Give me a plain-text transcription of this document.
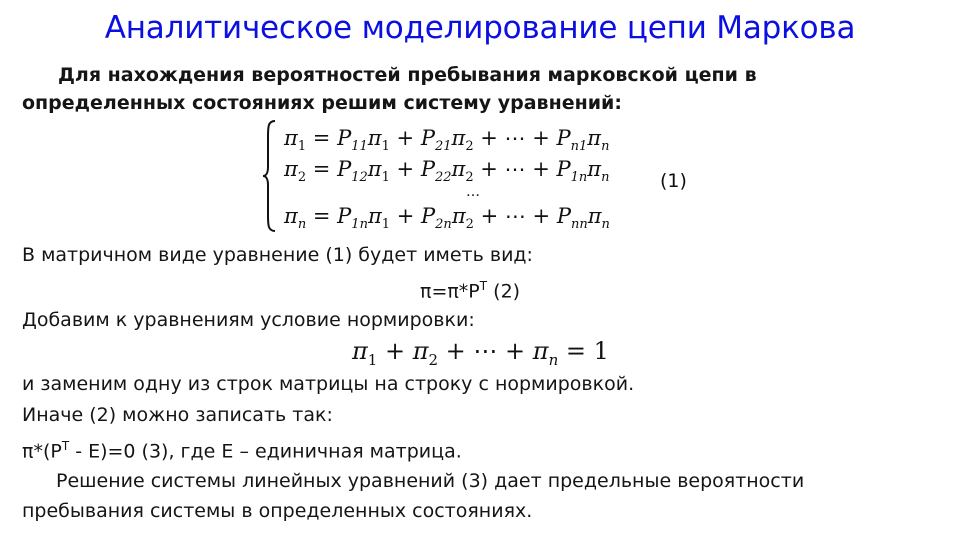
Аналитическое моделирование цепи Маркова
Для нахождения вероятностей пребывания марковской цепи в
определенных состояниях решим систему уравнений:
$\pi_1 = P_{11}\pi_1 + P_{21}\pi_2$ + ⋯ + $P_{n1}\pi_n$
$\pi_2 = P_{12}\pi_1 + P_{22}\pi_2$ + ⋯ + $P_{1n}\pi_n$	(1)
…
$\pi_n = P_{1n}\pi_1 + P_{2n}\pi_2$ + ⋯ + $P_{nn}\pi_n$
В матричном виде уравнение (1) будет иметь вид:
$\pi=\pi*P^T$ (2)
Добавим к уравнениям условие нормировки:
$\pi_1 + \pi_2$ + ⋯ + $\pi_n = 1$
и заменим одну из строк матрицы на строку с нормировкой.
Иначе (2) можно записать так:
$\pi*(P^T - E)=0$ (3), где E – единичная матрица.
Решение системы линейных уравнений (3) дает предельные вероятности
пребывания системы в определенных состояниях.
